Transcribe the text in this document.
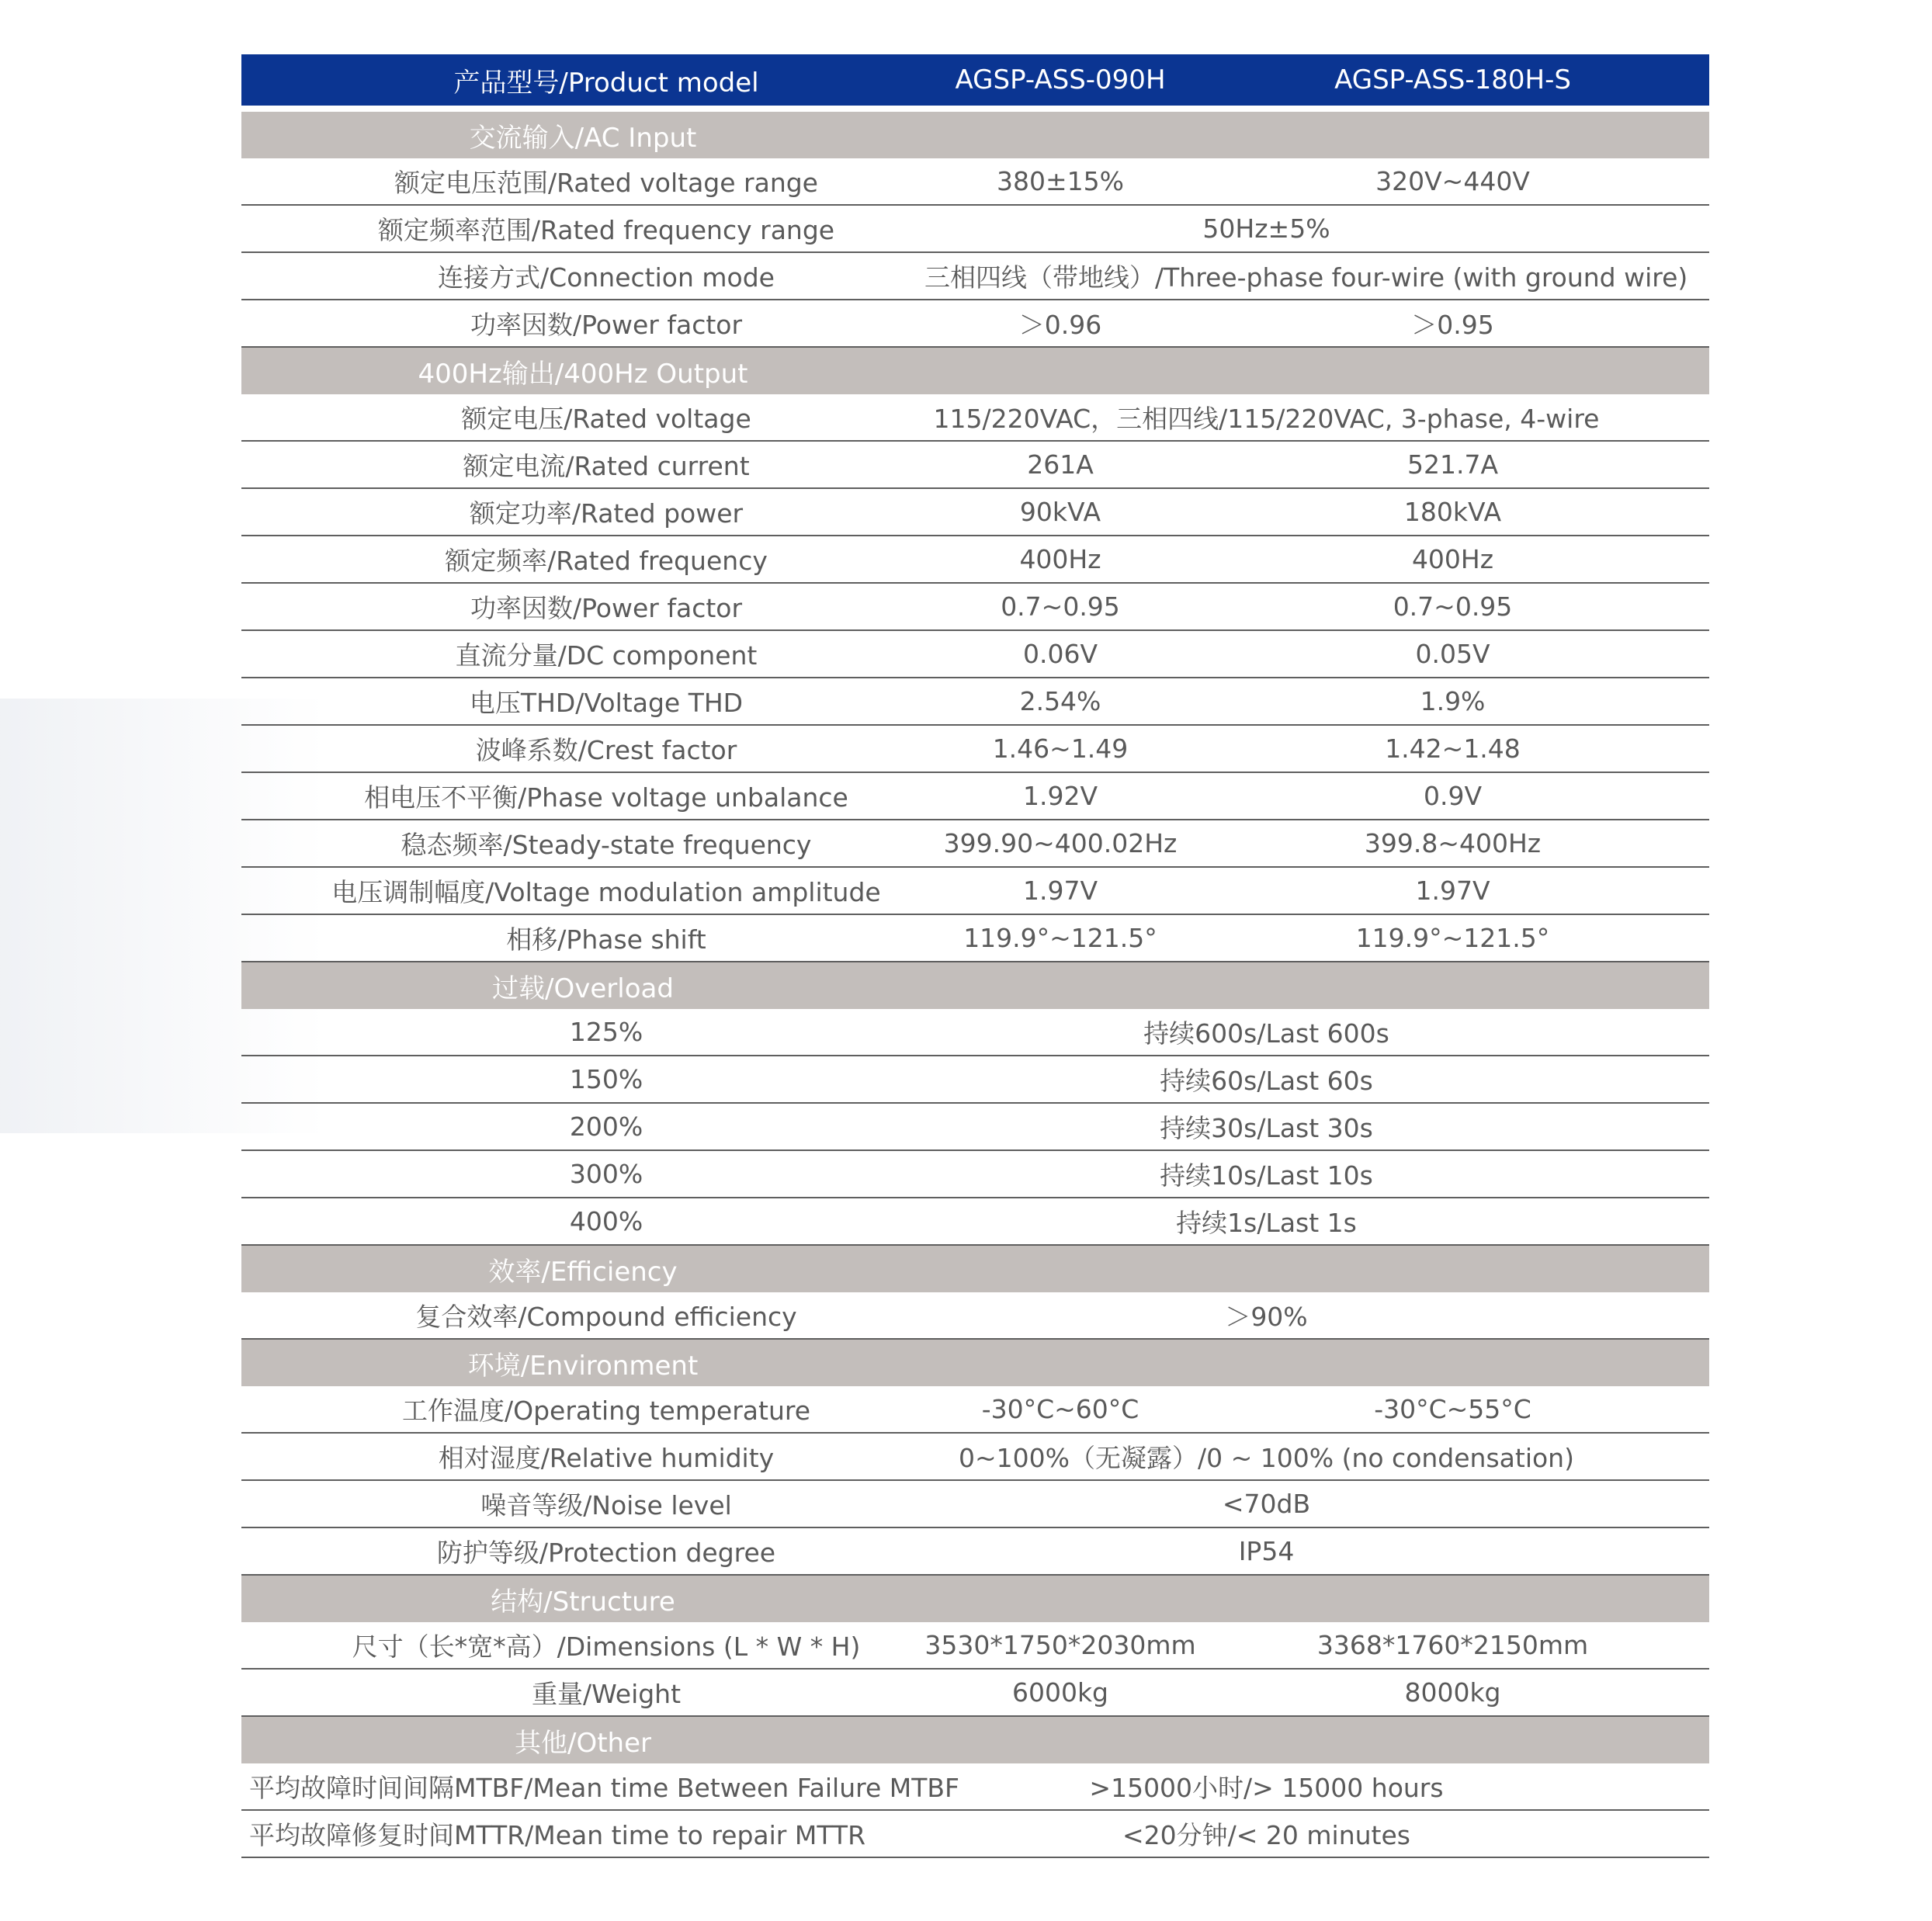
产品型号/Product model	AGSP-ASS-090H	AGSP-ASS-180H-S
交流输入/AC Input
额定电压范围/Rated voltage range	380±15%	320V~440V
额定频率范围/Rated frequency range	50Hz±5%
连接方式/Connection mode	三相四线（带地线）/Three-phase four-wire (with ground wire)
功率因数/Power factor	＞0.96	＞0.95
400Hz输出/400Hz Output
额定电压/Rated voltage	115/220VAC，三相四线/115/220VAC, 3-phase, 4-wire
额定电流/Rated current	261A	521.7A
额定功率/Rated power	90kVA	180kVA
额定频率/Rated frequency	400Hz	400Hz
功率因数/Power factor	0.7~0.95	0.7~0.95
直流分量/DC component	0.06V	0.05V
电压THD/Voltage THD	2.54%	1.9%
波峰系数/Crest factor	1.46~1.49	1.42~1.48
相电压不平衡/Phase voltage unbalance	1.92V	0.9V
稳态频率/Steady-state frequency	399.90~400.02Hz	399.8~400Hz
电压调制幅度/Voltage modulation amplitude	1.97V	1.97V
相移/Phase shift	119.9°~121.5°	119.9°~121.5°
过载/Overload
125%	持续600s/Last 600s
150%	持续60s/Last 60s
200%	持续30s/Last 30s
300%	持续10s/Last 10s
400%	持续1s/Last 1s
效率/Efficiency
复合效率/Compound efficiency	＞90%
环境/Environment
工作温度/Operating temperature	-30°C~60°C	-30°C~55°C
相对湿度/Relative humidity	0~100%（无凝露）/0 ~ 100% (no condensation)
噪音等级/Noise level	<70dB
防护等级/Protection degree	IP54
结构/Structure
尺寸（长*宽*高）/Dimensions (L * W * H)	3530*1750*2030mm	3368*1760*2150mm
重量/Weight	6000kg	8000kg
其他/Other
平均故障时间间隔MTBF/Mean time Between Failure MTBF	>15000小时/> 15000 hours
平均故障修复时间MTTR/Mean time to repair MTTR	<20分钟/< 20 minutes
